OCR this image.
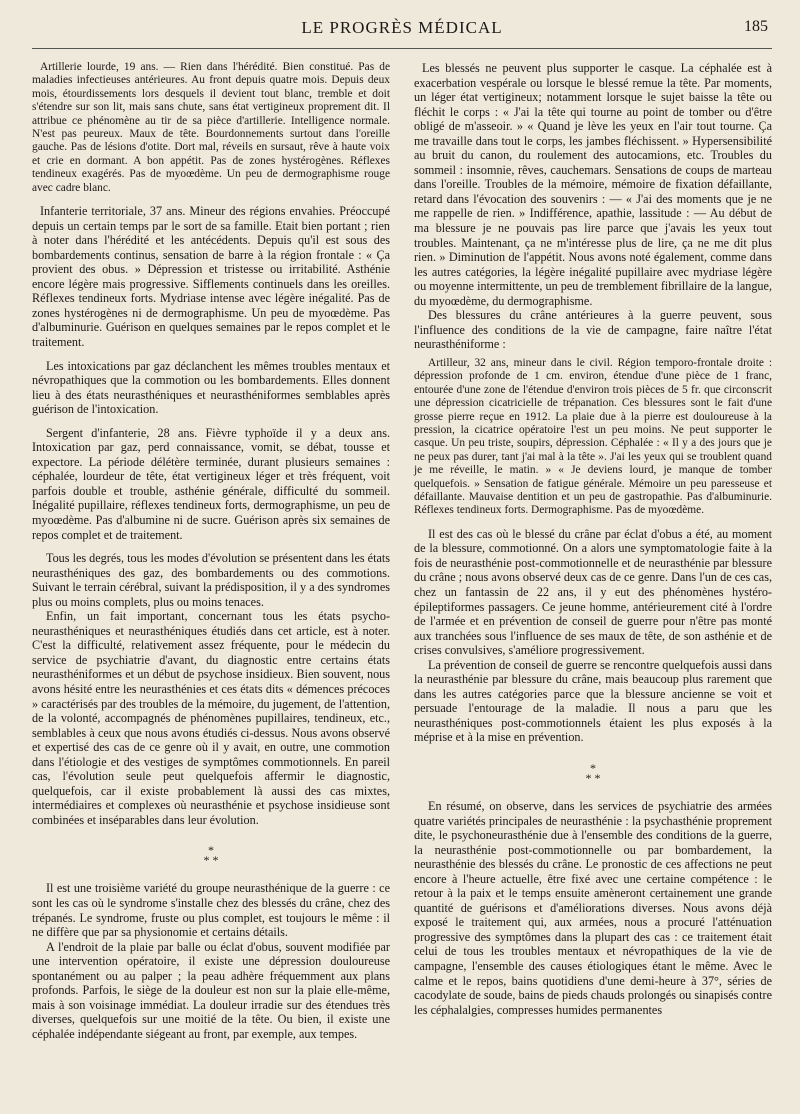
LE PROGRÈS MÉDICAL	185

Artillerie lourde, 19 ans. — Rien dans l'hérédité. Bien constitué. Pas de maladies infectieuses antérieures. Au front depuis quatre mois. Depuis deux mois, étourdissements lors desquels il devient tout blanc, tremble et doit s'étendre sur son lit, mais sans chute, sans état vertigineux proprement dit. Il attribue ce phénomène au tir de sa pièce d'artillerie. Intelligence normale. N'est pas peureux. Maux de tête. Bourdonnements surtout dans l'oreille gauche. Pas de lésions d'otite. Dort mal, réveils en sursaut, rêve à haute voix et crie en dormant. A bon appétit. Pas de zones hystérogènes. Réflexes tendineux exagérés. Pas de myoœdème. Un peu de dermographisme rouge avec cadre blanc.

Infanterie territoriale, 37 ans. Mineur des régions envahies. Préoccupé depuis un certain temps par le sort de sa famille. Etait bien portant ; rien à noter dans l'hérédité et les antécédents. Depuis qu'il est sous des bombardements continus, sensation de barre à la région frontale : « Ça provient des obus. » Dépression et tristesse ou irritabilité. Asthénie encore légère mais progressive. Sifflements continuels dans les oreilles. Réflexes tendineux forts. Mydriase intense avec légère inégalité. Pas de zones hystérogènes ni de dermographisme. Un peu de myoœdème. Pas d'albuminurie. Guérison en quelques semaines par le repos complet et le traitement.

Les intoxications par gaz déclanchent les mêmes troubles mentaux et névropathiques que la commotion ou les bombardements. Elles donnent lieu à des états neurasthéniques et neurasthéniformes semblables après guérison de l'intoxication.

Sergent d'infanterie, 28 ans. Fièvre typhoïde il y a deux ans. Intoxication par gaz, perd connaissance, vomit, se débat, tousse et expectore. La période délétère terminée, durant plusieurs semaines : céphalée, lourdeur de tête, état vertigineux léger et très fréquent, voit parfois double et trouble, asthénie générale, difficulté du sommeil. Inégalité pupillaire, réflexes tendineux forts, dermographisme, un peu de myoœdème. Pas d'albumine ni de sucre. Guérison après six semaines de repos complet et de traitement.

Tous les degrés, tous les modes d'évolution se présentent dans les états neurasthéniques des gaz, des bombardements ou des commotions. Suivant le terrain cérébral, suivant la prédisposition, il y a des syndromes plus ou moins complets, plus ou moins tenaces.

Enfin, un fait important, concernant tous les états psycho-neurasthéniques et neurasthéniques étudiés dans cet article, est à noter. C'est la difficulté, relativement assez fréquente, pour le médecin du service de psychiatrie d'avant, du diagnostic entre certains états neurasthéniformes et un début de psychose insidieux. Bien souvent, nous avons hésité entre les neurasthénies et ces états dits « démences précoces » caractérisés par des troubles de la mémoire, du jugement, de l'attention, de la volonté, accompagnés de phénomènes pupillaires, tendineux, etc., semblables à ceux que nous avons étudiés ci-dessus. Nous avons observé et expertisé des cas de ce genre où il y avait, en outre, une commotion dans l'étiologie et des vestiges de symptômes commotionnels. En pareil cas, l'évolution seule peut quelquefois affermir le diagnostic, quelquefois, car il existe probablement là aussi des cas mixtes, intermédiaires et complexes où neurasthénie et psychose insidieuse sont combinées et inséparables dans leur évolution.

*
* *

Il est une troisième variété du groupe neurasthénique de la guerre : ce sont les cas où le syndrome s'installe chez des blessés du crâne, chez des trépanés. Le syndrome, fruste ou plus complet, est toujours le même : il ne diffère que par sa physionomie et certains détails.

A l'endroit de la plaie par balle ou éclat d'obus, souvent modifiée par une intervention opératoire, il existe une dépression douloureuse spontanément ou au palper ; la peau adhère fréquemment aux plans profonds. Parfois, le siège de la douleur est non sur la plaie elle-même, mais à son voisinage immédiat. La douleur irradie sur des étendues très diverses, quelquefois sur une moitié de la tête. Ou bien, il existe une céphalée indépendante siégeant au front, par exemple, aux tempes.

Les blessés ne peuvent plus supporter le casque. La céphalée est à exacerbation vespérale ou lorsque le blessé remue la tête. Par moments, un léger état vertigineux; notamment lorsque le sujet baisse la tête ou fléchit le corps : « J'ai la tête qui tourne au point de tomber ou d'être obligé de m'asseoir. » « Quand je lève les yeux en l'air tout tourne. Ça me travaille dans tout le corps, les jambes fléchissent. » Hypersensibilité au bruit du canon, du roulement des autocamions, etc. Troubles du sommeil : insomnie, rêves, cauchemars. Sensations de coups de marteau dans l'oreille. Troubles de la mémoire, mémoire de fixation défaillante, retard dans l'évocation des souvenirs : — « J'ai des moments que je ne me rappelle de rien. » Indifférence, apathie, lassitude : — Au début de ma blessure je ne pouvais pas lire parce que j'avais les yeux tout troubles. Maintenant, ça ne m'intéresse plus de lire, ça ne me dit plus rien. » Diminution de l'appétit. Nous avons noté également, comme dans les autres catégories, la légère inégalité pupillaire avec mydriase légère ou moyenne intermittente, un peu de tremblement fibrillaire de la langue, du myoœdème, du dermographisme.

Des blessures du crâne antérieures à la guerre peuvent, sous l'influence des conditions de la vie de campagne, faire naître l'état neurasthéniforme :

Artilleur, 32 ans, mineur dans le civil. Région temporo-frontale droite : dépression profonde de 1 cm. environ, étendue d'une pièce de 1 franc, entourée d'une zone de l'étendue d'environ trois pièces de 5 fr. que circonscrit une dépression cicatricielle de trépanation. Ces blessures sont le fait d'une grosse pierre reçue en 1912. La plaie due à la pierre est douloureuse à la pression, la cicatrice opératoire l'est un peu moins. Ne peut supporter le casque. Un peu triste, soupirs, dépression. Céphalée : « Il y a des jours que je ne peux pas durer, tant j'ai mal à la tête ». J'ai les yeux qui se troublent quand je me réveille, le matin. » « Je deviens lourd, je manque de tomber quelquefois. » Sensation de fatigue générale. Mémoire un peu paresseuse et défaillante. Mauvaise dentition et un peu de gastropathie. Pas d'albuminurie. Réflexes tendineux forts. Dermographisme. Pas de myoœdème.

Il est des cas où le blessé du crâne par éclat d'obus a été, au moment de la blessure, commotionné. On a alors une symptomatologie faite à la fois de neurasthénie post-commotionnelle et de neurasthénie par blessure du crâne ; nous avons observé deux cas de ce genre. Dans l'un de ces cas, chez un fantassin de 22 ans, il y eut des phénomènes hystéro-épileptiformes passagers. Ce jeune homme, antérieurement cité à l'ordre de l'armée et en prévention de conseil de guerre pour n'être pas monté aux tranchées sous l'influence de ses maux de tête, de son asthénie et de crises convulsives, s'améliore progressivement.

La prévention de conseil de guerre se rencontre quelquefois aussi dans la neurasthénie par blessure du crâne, mais beaucoup plus rarement que dans les autres catégories parce que la blessure ancienne se voit et persuade l'entourage de la maladie. Il nous a paru que les neurasthéniques post-commotionnels étaient les plus exposés à la méprise et à la mise en prévention.

*
* *

En résumé, on observe, dans les services de psychiatrie des armées quatre variétés principales de neurasthénie : la psychasthénie proprement dite, le psychoneurasthénie due à l'ensemble des conditions de la guerre, la neurasthénie post-commotionnelle ou par bombardement, la neurasthénie des blessés du crâne. Le pronostic de ces affections ne peut encore à l'heure actuelle, être fixé avec une certaine compétence : le retour à la paix et le temps ensuite amèneront certainement une grande quantité de guérisons et d'améliorations diverses. Nous avons déjà exposé le traitement qui, aux armées, nous a procuré l'atténuation progressive des symptômes dans la plupart des cas : ce traitement était celui de tous les troubles mentaux et névropathiques de la vie de campagne, l'ensemble des causes étiologiques étant le même. Avec le calme et le repos, bains quotidiens d'une demi-heure à 37°, séries de cacodylate de soude, bains de pieds chauds prolongés ou sinapisés contre les céphalalgies, compresses humides permanentes
